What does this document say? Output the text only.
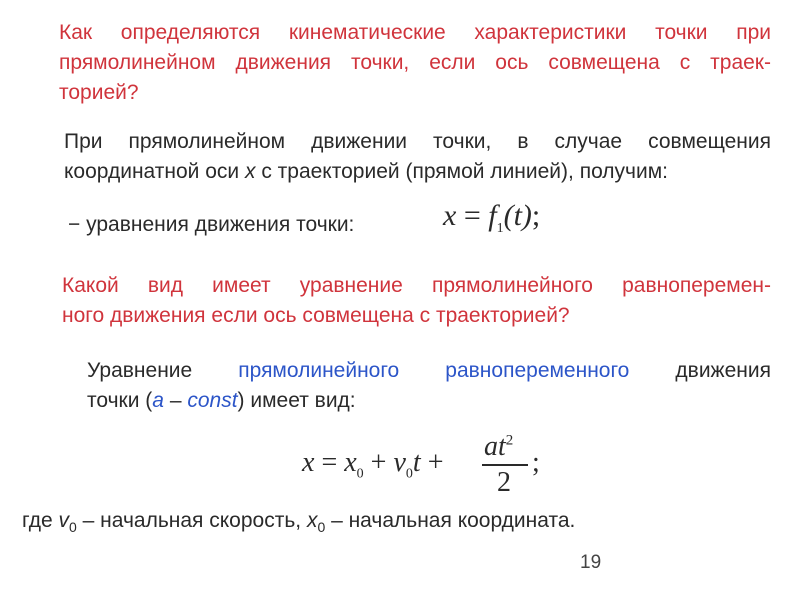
Как определяются кинематические характеристики точки при
прямолинейном движения точки, если ось совмещена с траек-
торией?
При прямолинейном движении точки, в случае совмещения
координатной оси x с траекторией (прямой линией), получим:
− уравнения движения точки:	$x = f_1(t)$;
Какой вид имеет уравнение прямолинейного равноперемен-
ного движения если ось совмещена с траекторией?
Уравнение прямолинейного равнопеременного движения
точки (a – const) имеет вид:
$x = x_0 + v_0t$ +
$at^2$
2
;
где $v_0$ – начальная скорость, $x_0$ – начальная координата.
19
